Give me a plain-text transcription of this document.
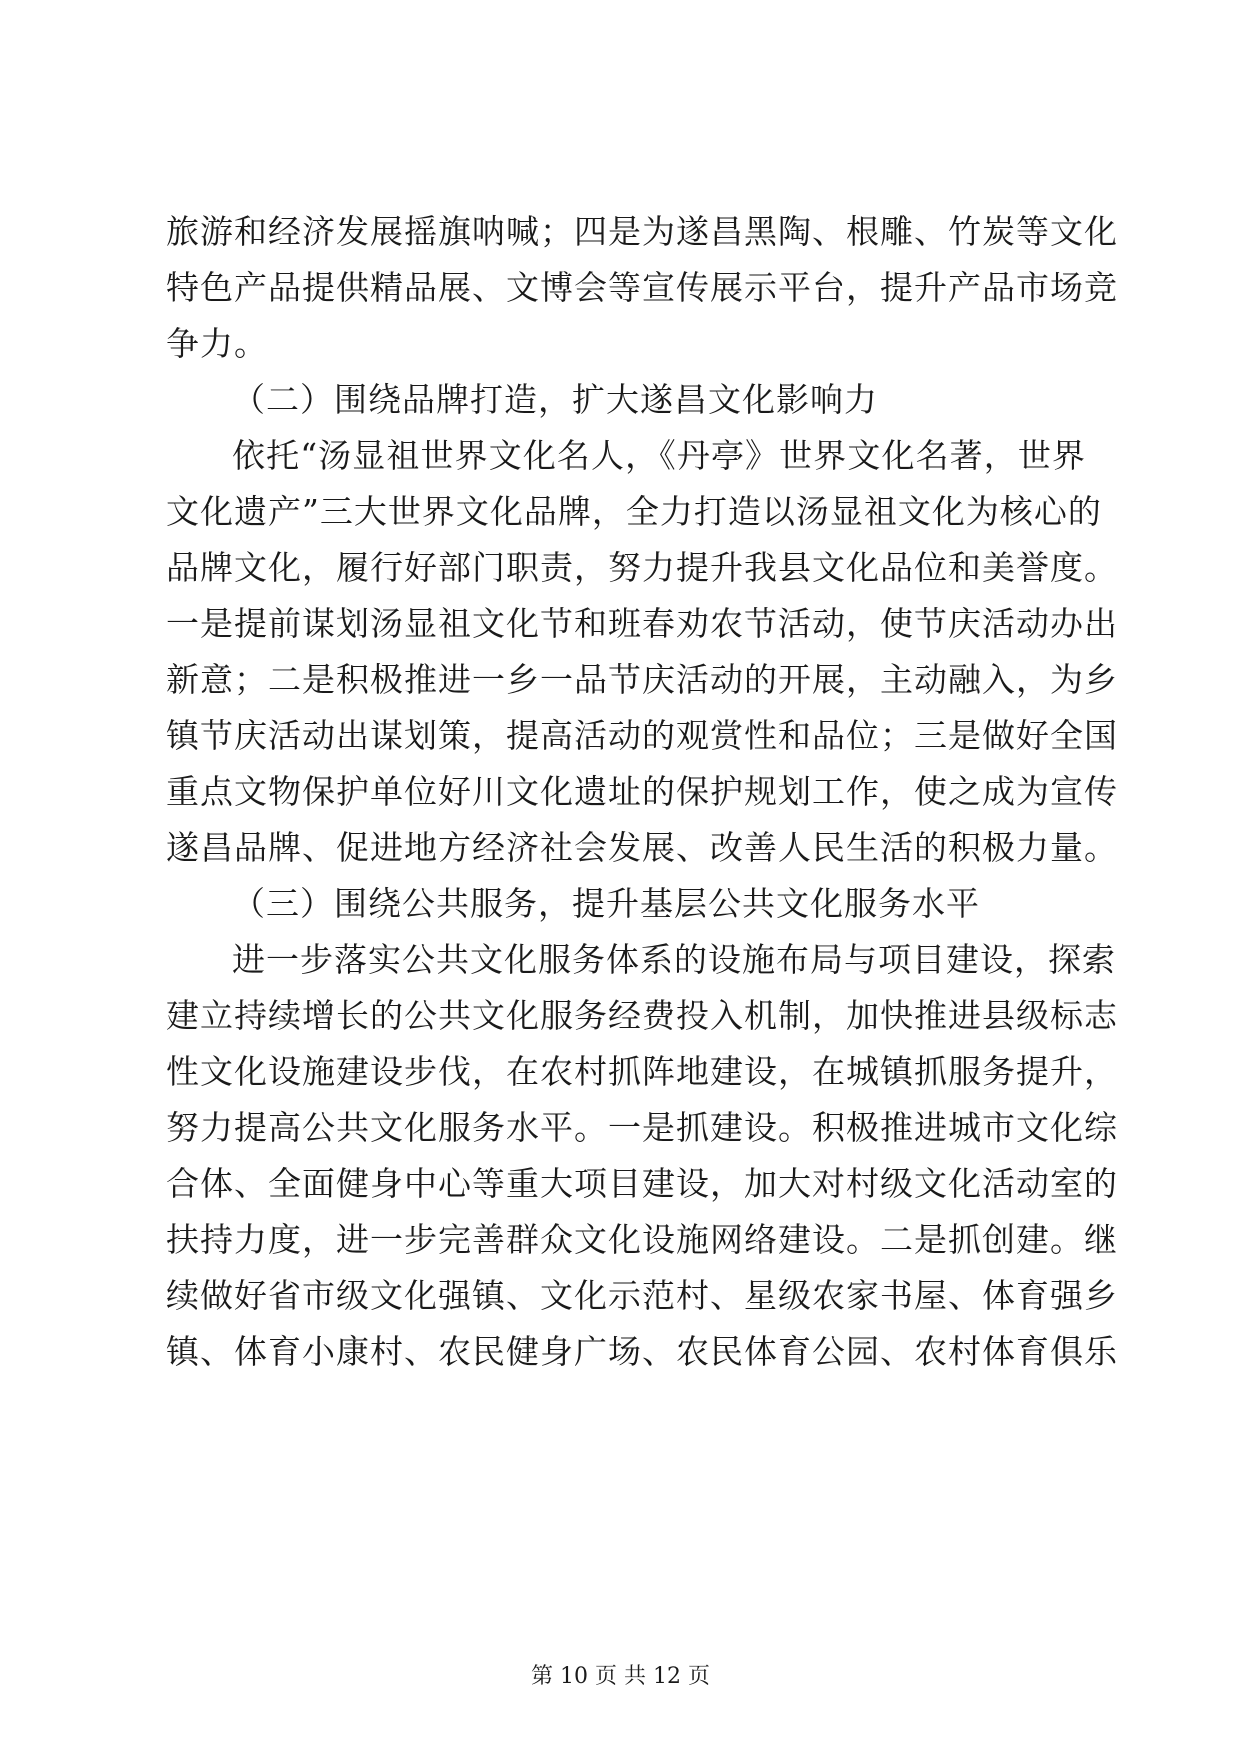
旅游和经济发展摇旗呐喊；四是为遂昌黑陶、根雕、竹炭等文化
特色产品提供精品展、文博会等宣传展示平台，提升产品市场竞
争力。
（二）围绕品牌打造，扩大遂昌文化影响力
依托“汤显祖世界文化名人，《丹亭》世界文化名著，世界
文化遗产”三大世界文化品牌，全力打造以汤显祖文化为核心的
品牌文化，履行好部门职责，努力提升我县文化品位和美誉度。
一是提前谋划汤显祖文化节和班春劝农节活动，使节庆活动办出
新意；二是积极推进一乡一品节庆活动的开展，主动融入，为乡
镇节庆活动出谋划策，提高活动的观赏性和品位；三是做好全国
重点文物保护单位好川文化遗址的保护规划工作，使之成为宣传
遂昌品牌、促进地方经济社会发展、改善人民生活的积极力量。
（三）围绕公共服务，提升基层公共文化服务水平
进一步落实公共文化服务体系的设施布局与项目建设，探索
建立持续增长的公共文化服务经费投入机制，加快推进县级标志
性文化设施建设步伐，在农村抓阵地建设，在城镇抓服务提升，
努力提高公共文化服务水平。一是抓建设。积极推进城市文化综
合体、全面健身中心等重大项目建设，加大对村级文化活动室的
扶持力度，进一步完善群众文化设施网络建设。二是抓创建。继
续做好省市级文化强镇、文化示范村、星级农家书屋、体育强乡
镇、体育小康村、农民健身广场、农民体育公园、农村体育俱乐
第 10 页 共 12 页
